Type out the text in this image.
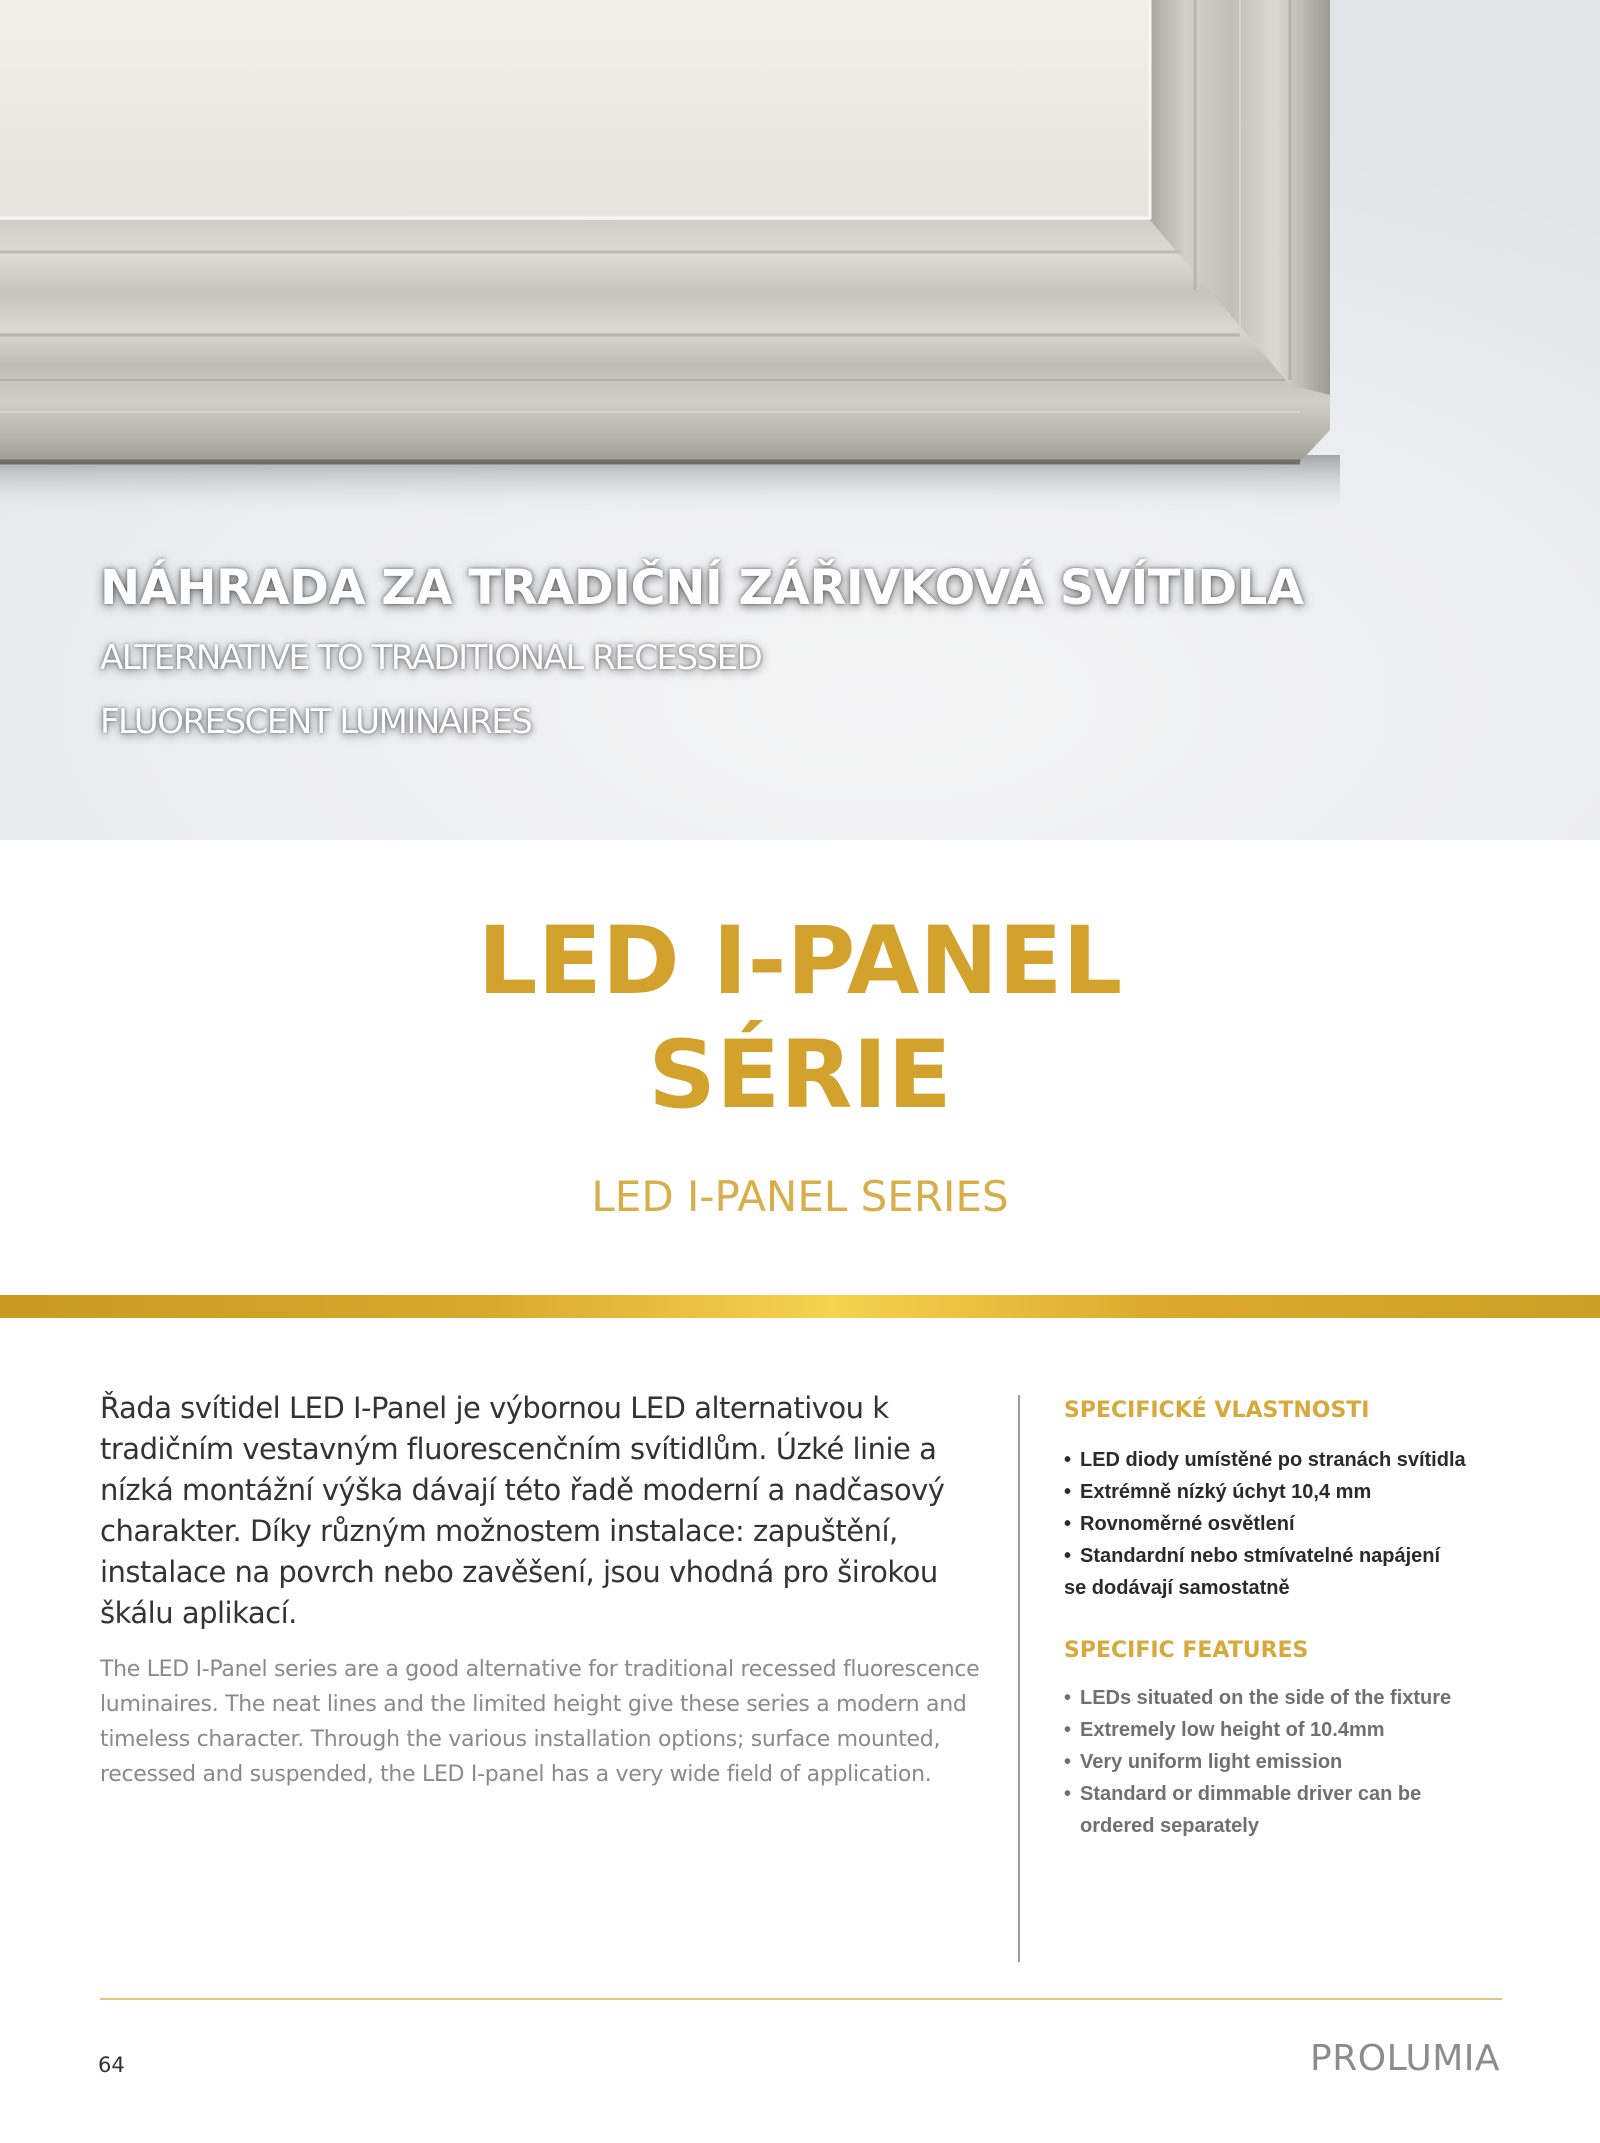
NÁHRADA ZA TRADIČNÍ ZÁŘIVKOVÁ SVÍTIDLA

ALTERNATIVE TO TRADITIONAL RECESSED

FLUORESCENT LUMINAIRES

LED I-PANEL
SÉRIE

LED I-PANEL SERIES

Řada svítidel LED I-Panel je výbornou LED alternativou k tradičním vestavným fluorescenčním svítidlům. Úzké linie a nízká montážní výška dávají této řadě moderní a nadčasový charakter. Díky různým možnostem instalace: zapuštění, instalace na povrch nebo zavěšení, jsou vhodná pro širokou škálu aplikací.

The LED I-Panel series are a good alternative for traditional recessed fluorescence luminaires. The neat lines and the limited height give these series a modern and timeless character. Through the various installation options; surface mounted, recessed and suspended, the LED I-panel has a very wide field of application.

SPECIFICKÉ VLASTNOSTI
• LED diody umístěné po stranách svítidla
• Extrémně nízký úchyt 10,4 mm
• Rovnoměrné osvětlení
• Standardní nebo stmívatelné napájení
se dodávají samostatně
SPECIFIC FEATURES
• LEDs situated on the side of the fixture
• Extremely low height of 10.4mm
• Very uniform light emission
• Standard or dimmable driver can be
ordered separately

64	PROLUMIA
